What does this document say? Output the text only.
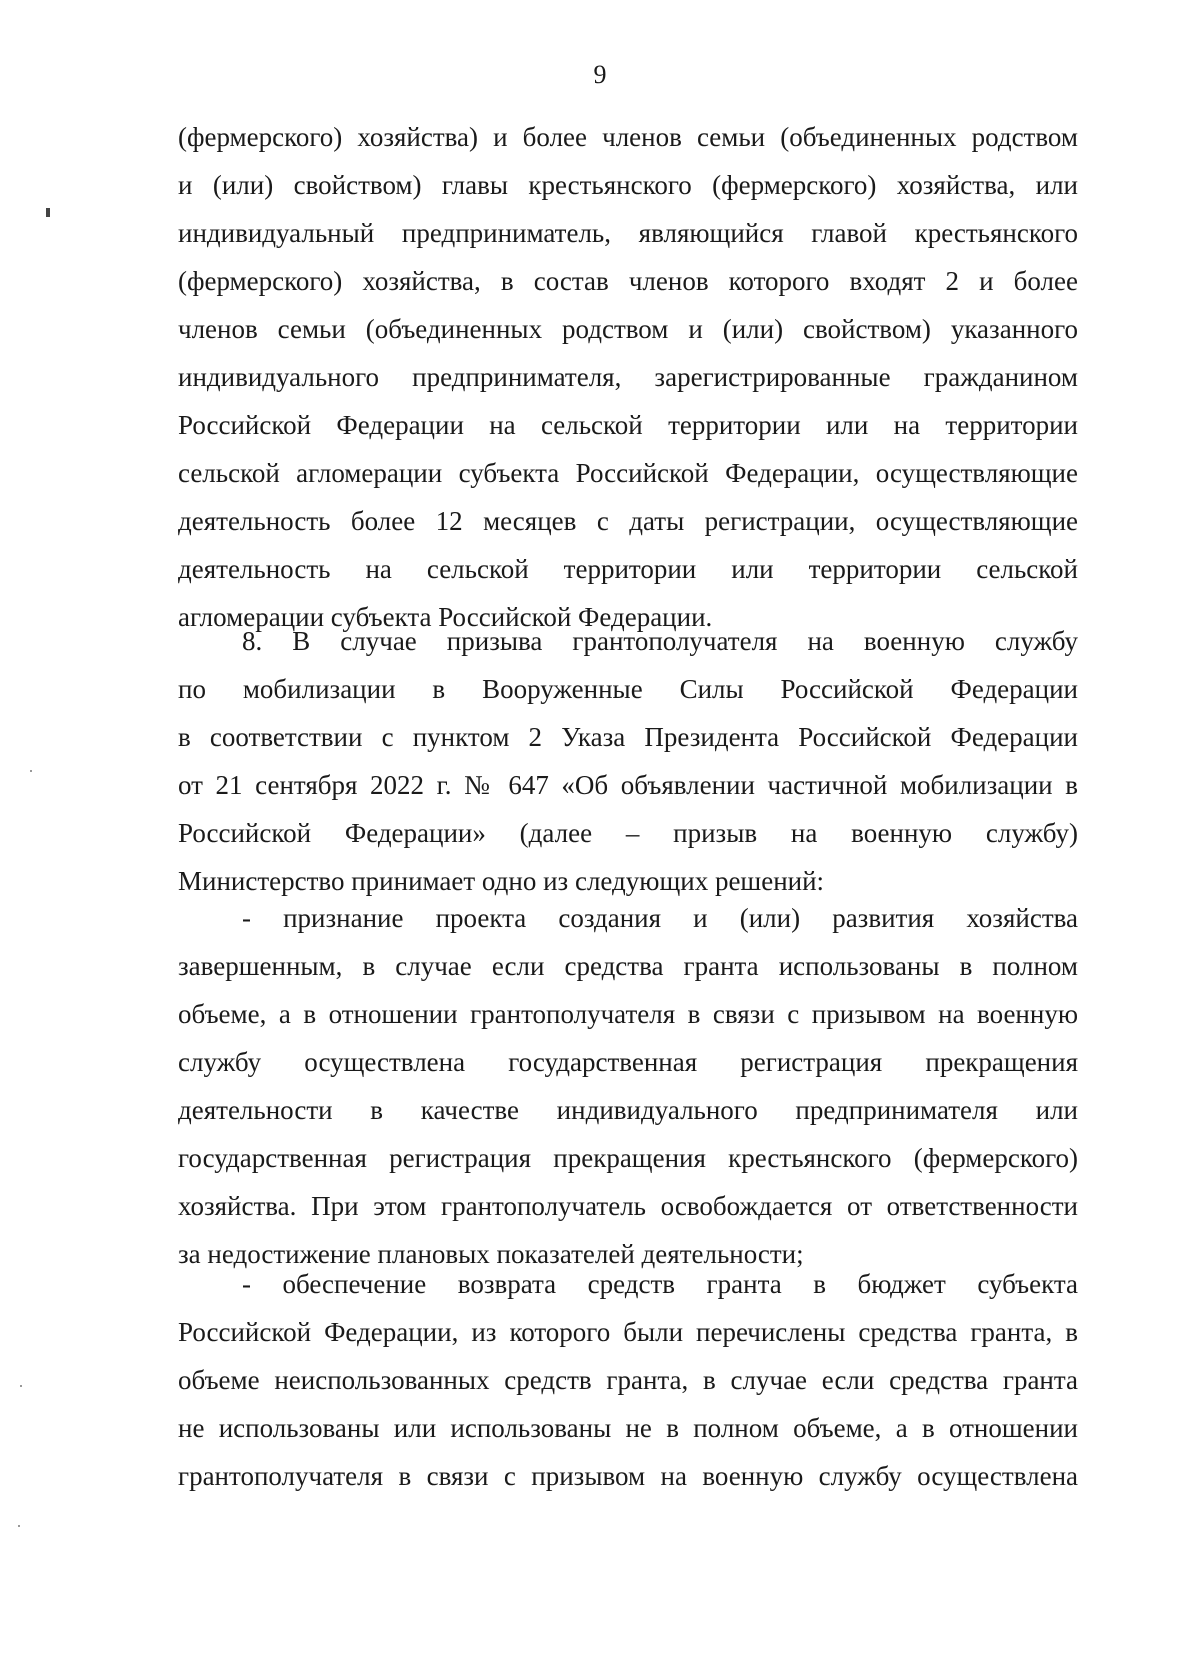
9
(фермерского) хозяйства) и более членов семьи (объединенных родством
и (или) свойством) главы крестьянского (фермерского) хозяйства, или
индивидуальный предприниматель, являющийся главой крестьянского
(фермерского) хозяйства, в состав членов которого входят 2 и более
членов семьи (объединенных родством и (или) свойством) указанного
индивидуального предпринимателя, зарегистрированные гражданином
Российской Федерации на сельской территории или на территории
сельской агломерации субъекта Российской Федерации, осуществляющие
деятельность более 12 месяцев с даты регистрации, осуществляющие
деятельность на сельской территории или территории сельской
агломерации субъекта Российской Федерации.
8. В случае призыва грантополучателя на военную службу
по мобилизации в Вооруженные Силы Российской Федерации
в соответствии с пунктом 2 Указа Президента Российской Федерации
от 21 сентября 2022 г. № 647 «Об объявлении частичной мобилизации в
Российской Федерации» (далее – призыв на военную службу)
Министерство принимает одно из следующих решений:
- признание проекта создания и (или) развития хозяйства
завершенным, в случае если средства гранта использованы в полном
объеме, а в отношении грантополучателя в связи с призывом на военную
службу осуществлена государственная регистрация прекращения
деятельности в качестве индивидуального предпринимателя или
государственная регистрация прекращения крестьянского (фермерского)
хозяйства. При этом грантополучатель освобождается от ответственности
за недостижение плановых показателей деятельности;
- обеспечение возврата средств гранта в бюджет субъекта
Российской Федерации, из которого были перечислены средства гранта, в
объеме неиспользованных средств гранта, в случае если средства гранта
не использованы или использованы не в полном объеме, а в отношении
грантополучателя в связи с призывом на военную службу осуществлена
